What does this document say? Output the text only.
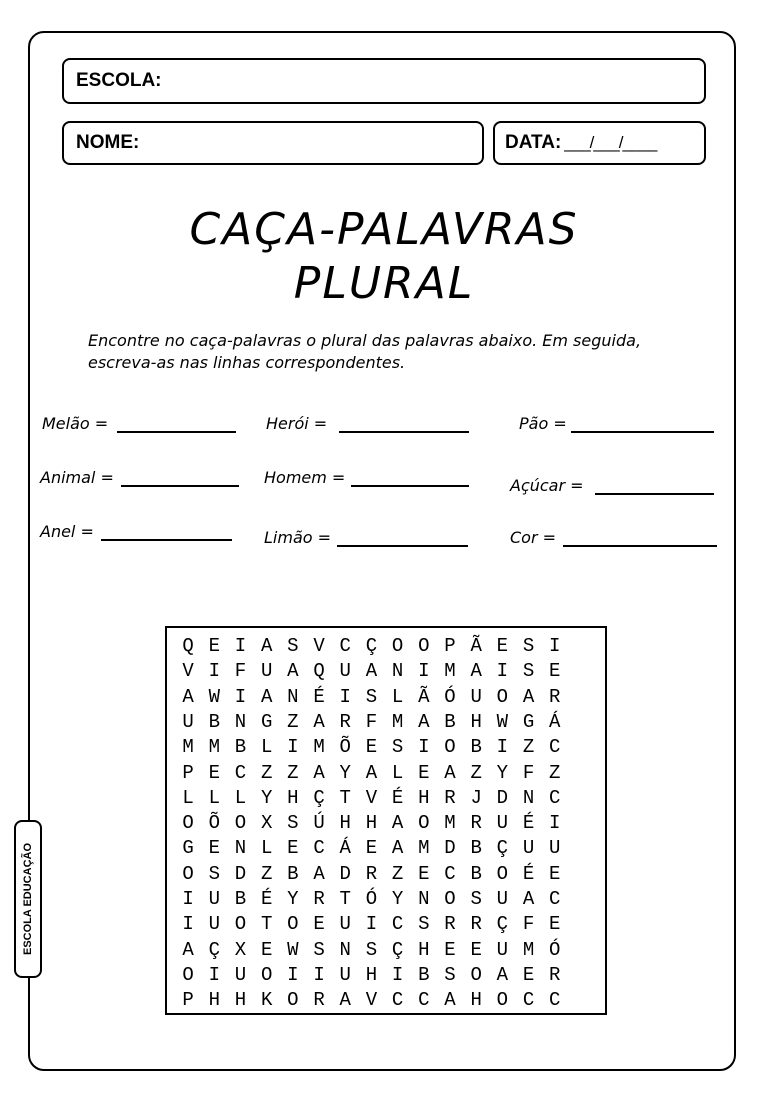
ESCOLA EDUCAÇÃO
ESCOLA:
NOME:	DATA: ___/___/____
CAÇA-PALAVRAS
PLURAL
Encontre no caça-palavras o plural das palavras abaixo. Em seguida,
escreva-as nas linhas correspondentes.
Melão =	Herói =	Pão =
Animal =	Homem =	Açúcar =
Anel =	Limão =	Cor =
Q E I A S V C Ç O O P Ã E S I
V I F U A Q U A N I M A I S E
A W I A N É I S L Ã Ó U O A R
U B N G Z A R F M A B H W G Á
M M B L I M Õ E S I O B I Z C
P E C Z Z A Y A L E A Z Y F Z
L L L Y H Ç T V É H R J D N C
O Õ O X S Ú H H A O M R U É I
G E N L E C Á E A M D B Ç U U
O S D Z B A D R Z E C B O É E
I U B É Y R T Ó Y N O S U A C
I U O T O E U I C S R R Ç F E
A Ç X E W S N S Ç H E E U M Ó
O I U O I I U H I B S O A E R
P H H K O R A V C C A H O C C
